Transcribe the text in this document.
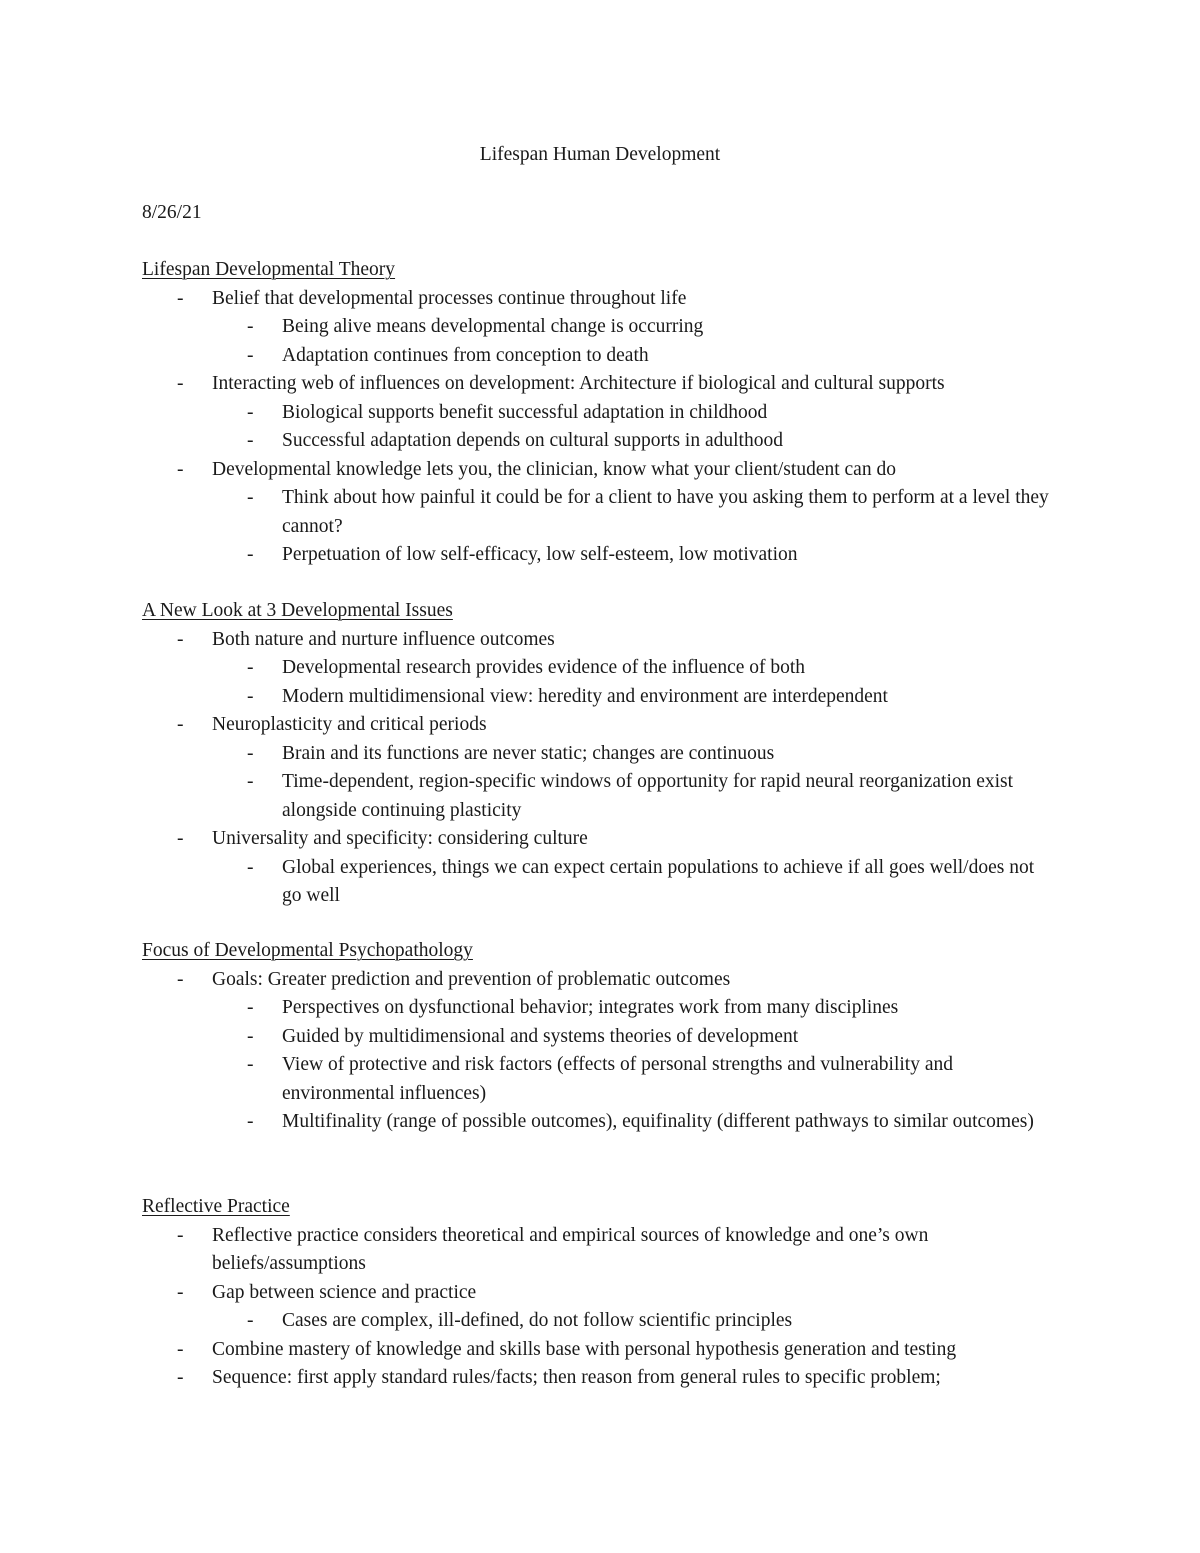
Lifespan Human Development

8/26/21

Lifespan Developmental Theory
- Belief that developmental processes continue throughout life
- Being alive means developmental change is occurring
- Adaptation continues from conception to death
- Interacting web of influences on development: Architecture if biological and cultural supports
- Biological supports benefit successful adaptation in childhood
- Successful adaptation depends on cultural supports in adulthood
- Developmental knowledge lets you, the clinician, know what your client/student can do
- Think about how painful it could be for a client to have you asking them to perform at a level they cannot?
- Perpetuation of low self-efficacy, low self-esteem, low motivation
A New Look at 3 Developmental Issues
- Both nature and nurture influence outcomes
- Developmental research provides evidence of the influence of both
- Modern multidimensional view: heredity and environment are interdependent
- Neuroplasticity and critical periods
- Brain and its functions are never static; changes are continuous
- Time-dependent, region-specific windows of opportunity for rapid neural reorganization exist alongside continuing plasticity
- Universality and specificity: considering culture
- Global experiences, things we can expect certain populations to achieve if all goes well/does not go well
Focus of Developmental Psychopathology
- Goals: Greater prediction and prevention of problematic outcomes
- Perspectives on dysfunctional behavior; integrates work from many disciplines
- Guided by multidimensional and systems theories of development
- View of protective and risk factors (effects of personal strengths and vulnerability and environmental influences)
- Multifinality (range of possible outcomes), equifinality (different pathways to similar outcomes)
Reflective Practice
- Reflective practice considers theoretical and empirical sources of knowledge and one’s own beliefs/assumptions
- Gap between science and practice
- Cases are complex, ill-defined, do not follow scientific principles
- Combine mastery of knowledge and skills base with personal hypothesis generation and testing
- Sequence: first apply standard rules/facts; then reason from general rules to specific problem;
